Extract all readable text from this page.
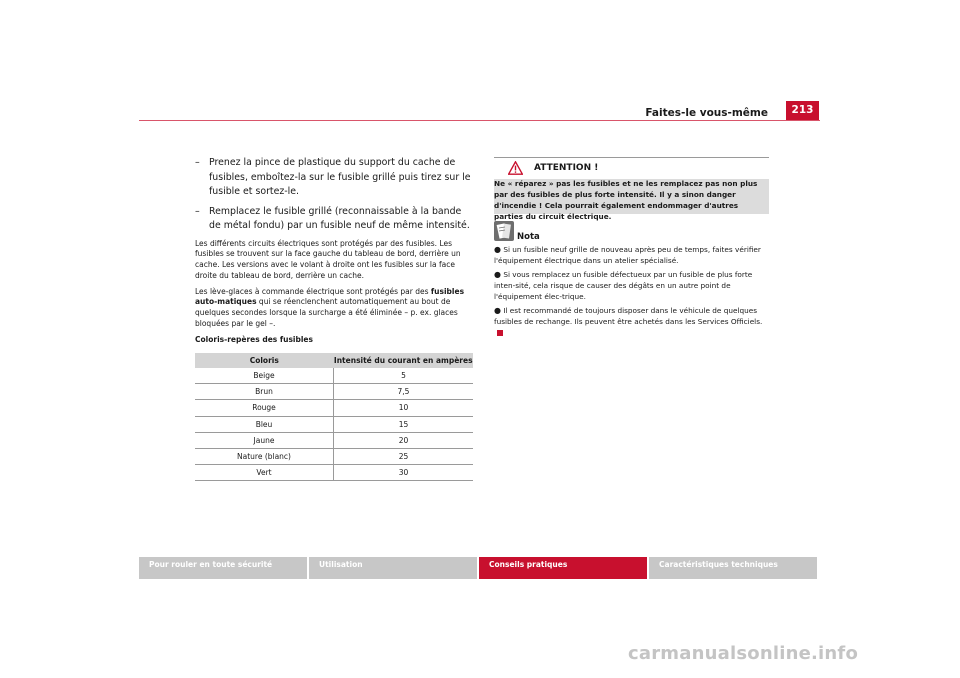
Faites-le vous-même	213
– Prenez la pince de plastique du support du cache de fusibles, emboîtez-la sur le fusible grillé puis tirez sur le fusible et sortez-le.
– Remplacez le fusible grillé (reconnaissable à la bande de métal fondu) par un fusible neuf de même intensité.

Les différents circuits électriques sont protégés par des fusibles. Les fusibles se trouvent sur la face gauche du tableau de bord, derrière un cache. Les versions avec le volant à droite ont les fusibles sur la face droite du tableau de bord, derrière un cache.

Les lève-glaces à commande électrique sont protégés par des fusibles auto-matiques qui se réenclenchent automatiquement au bout de quelques secondes lorsque la surcharge a été éliminée – p. ex. glaces bloquées par le gel –.

Coloris-repères des fusibles
Coloris	Intensité du courant en ampères
Beige	5
Brun	7,5
Rouge	10
Bleu	15
Jaune	20
Nature (blanc)	25
Vert	30
ATTENTION !
Ne « réparez » pas les fusibles et ne les remplacez pas non plus par des fusibles de plus forte intensité. Il y a sinon danger d'incendie ! Cela pourrait également endommager d'autres parties du circuit électrique.
Nota
● Si un fusible neuf grille de nouveau après peu de temps, faites vérifier l'équipement électrique dans un atelier spécialisé.
● Si vous remplacez un fusible défectueux par un fusible de plus forte inten-sité, cela risque de causer des dégâts en un autre point de l'équipement élec-trique.
● Il est recommandé de toujours disposer dans le véhicule de quelques fusibles de rechange. Ils peuvent être achetés dans les Services Officiels.
Pour rouler en toute sécurité	Utilisation	Conseils pratiques	Caractéristiques techniques
carmanualsonline.info
